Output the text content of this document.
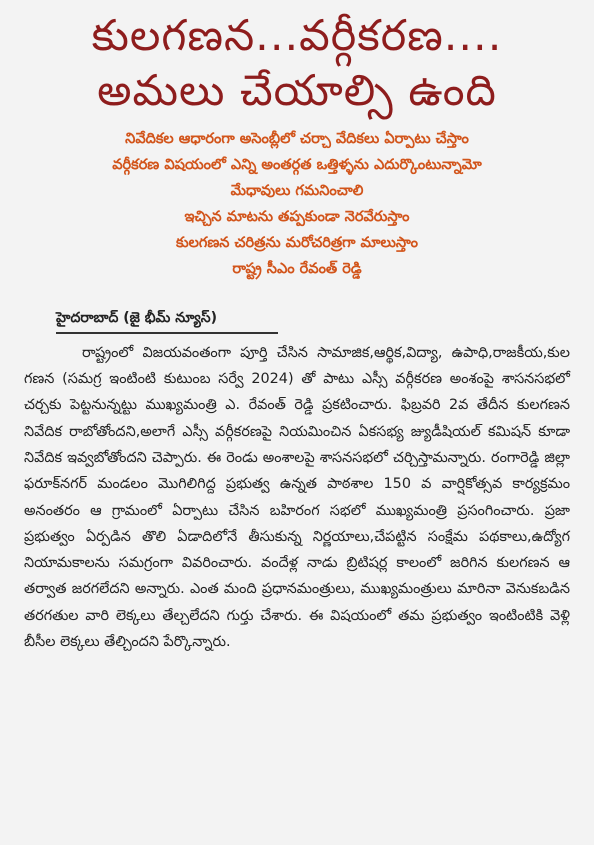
కులగణన...వర్గీకరణ....
అమలు చేయాల్సి ఉంది
నివేదికల ఆధారంగా అసెంబ్లీలో చర్చా వేదికలు ఏర్పాటు చేస్తాం
వర్గీకరణ విషయంలో ఎన్ని అంతర్గత ఒత్తిళ్ళను ఎదుర్కొంటున్నామో
మేధావులు గమనించాలి
ఇచ్చిన మాటను తప్పకుండా నెరవేరుస్తాం
కులగణన చరిత్రను మరోచరిత్రగా మాలుస్తాం
రాష్ట్ర సీఎం రేవంత్ రెడ్డి
హైదరాబాద్ (జై భీమ్ న్యూస్)

రాష్ట్రంలో విజయవంతంగా పూర్తి చేసిన సామాజిక,ఆర్థిక,విద్యా, ఉపాధి,రాజకీయ,కుల గణన (సమగ్ర ఇంటింటి కుటుంబ సర్వే 2024) తో పాటు ఎస్సీ వర్గీకరణ అంశంపై శాసనసభలో చర్చకు పెట్టనున్నట్టు ముఖ్యమంత్రి ఎ. రేవంత్ రెడ్డి ప్రకటించారు. ఫిబ్రవరి 2వ తేదీన కులగణన నివేదిక రాబోతోందని,అలాగే ఎస్సీ వర్గీకరణపై నియమించిన ఏకసభ్య జ్యుడీషియల్ కమిషన్ కూడా నివేదిక ఇవ్వబోతోందని చెప్పారు. ఈ రెండు అంశాలపై శాసనసభలో చర్చిస్తామన్నారు. రంగారెడ్డి జిల్లా ఫరూక్‌నగర్ మండలం మొగిలిగిద్ద ప్రభుత్వ ఉన్నత పాఠశాల 150 వ వార్షికోత్సవ కార్యక్రమం అనంతరం ఆ గ్రామంలో ఏర్పాటు చేసిన బహిరంగ సభలో ముఖ్యమంత్రి ప్రసంగించారు. ప్రజా ప్రభుత్వం ఏర్పడిన తొలి ఏడాదిలోనే తీసుకున్న నిర్ణయాలు,చేపట్టిన సంక్షేమ పథకాలు,ఉద్యోగ నియామకాలను సమగ్రంగా వివరించారు. వందేళ్ల నాడు బ్రిటిషర్ల కాలంలో జరిగిన కులగణన ఆ తర్వాత జరగలేదని అన్నారు. ఎంత మంది ప్రధానమంత్రులు, ముఖ్యమంత్రులు మారినా వెనుకబడిన తరగతుల వారి లెక్కలు తేల్చలేదని గుర్తు చేశారు. ఈ విషయంలో తమ ప్రభుత్వం ఇంటింటికి వెళ్లి బీసీల లెక్కలు తేల్చిందని పేర్కొన్నారు.
